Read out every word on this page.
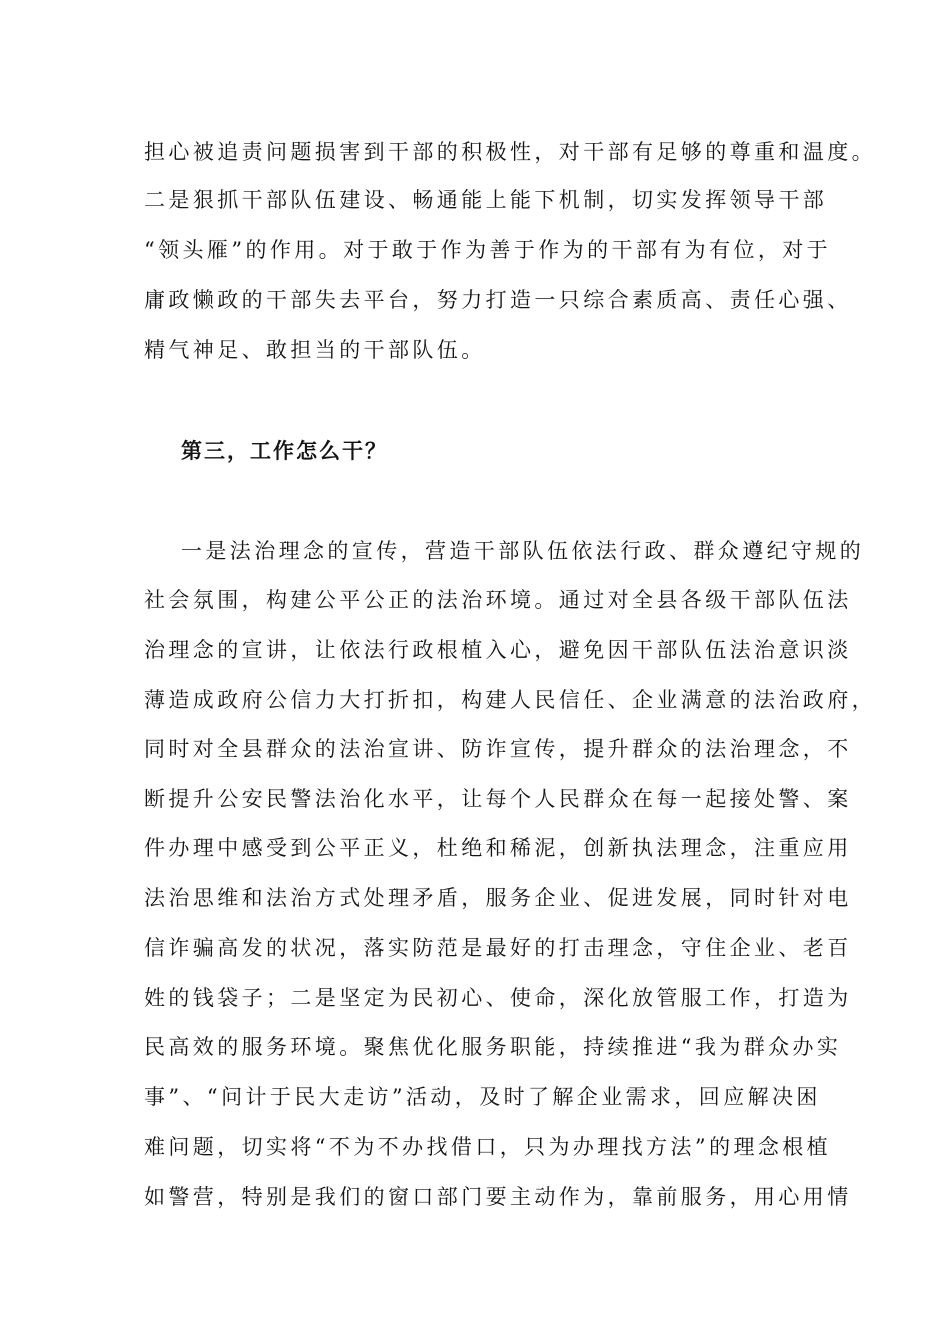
担心被追责问题损害到干部的积极性，对干部有足够的尊重和温度。
二是狠抓干部队伍建设、畅通能上能下机制，切实发挥领导干部
“领头雁”的作用。对于敢于作为善于作为的干部有为有位，对于
庸政懒政的干部失去平台，努力打造一只综合素质高、责任心强、
精气神足、敢担当的干部队伍。
第三，工作怎么干？
一是法治理念的宣传，营造干部队伍依法行政、群众遵纪守规的
社会氛围，构建公平公正的法治环境。通过对全县各级干部队伍法
治理念的宣讲，让依法行政根植入心，避免因干部队伍法治意识淡
薄造成政府公信力大打折扣，构建人民信任、企业满意的法治政府，
同时对全县群众的法治宣讲、防诈宣传，提升群众的法治理念，不
断提升公安民警法治化水平，让每个人民群众在每一起接处警、案
件办理中感受到公平正义，杜绝和稀泥，创新执法理念，注重应用
法治思维和法治方式处理矛盾，服务企业、促进发展，同时针对电
信诈骗高发的状况，落实防范是最好的打击理念，守住企业、老百
姓的钱袋子；二是坚定为民初心、使命，深化放管服工作，打造为
民高效的服务环境。聚焦优化服务职能，持续推进“我为群众办实
事”、“问计于民大走访”活动，及时了解企业需求，回应解决困
难问题，切实将“不为不办找借口，只为办理找方法”的理念根植
如警营，特别是我们的窗口部门要主动作为，靠前服务，用心用情
